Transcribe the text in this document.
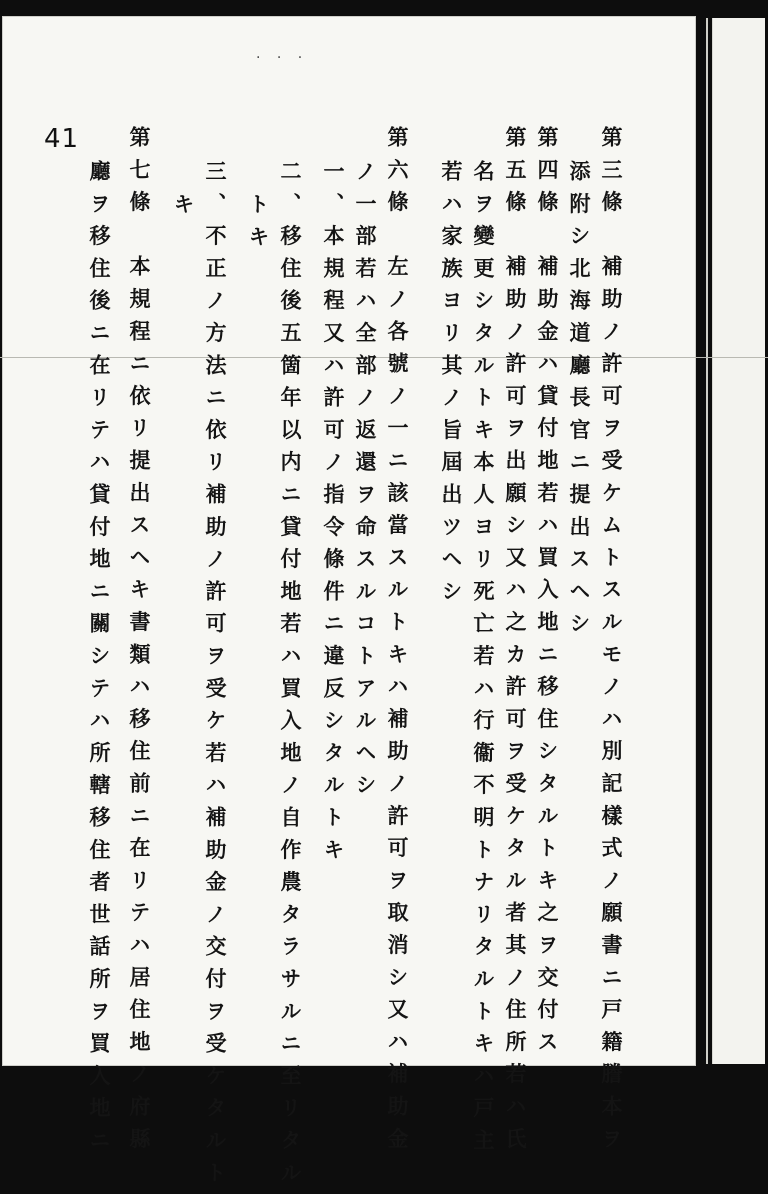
· · ·
41	第三條　補助ノ許可ヲ受ケムトスルモノハ別記樣式ノ願書ニ戸籍謄本ヲ
添附シ北海道廳長官ニ提出スヘシ
第四條　補助金ハ貸付地若ハ買入地ニ移住シタルトキ之ヲ交付ス
第五條　補助ノ許可ヲ出願シ又ハ之カ許可ヲ受ケタル者其ノ住所若ハ氏
名ヲ變更シタルトキ本人ヨリ死亡若ハ行衞不明トナリタルトキハ戸主
若ハ家族ヨリ其ノ旨屆出ツヘシ
第六條　左ノ各號ノ一ニ該當スルトキハ補助ノ許可ヲ取消シ又ハ補助金
ノ一部若ハ全部ノ返還ヲ命スルコトアルヘシ
一、本規程又ハ許可ノ指令條件ニ違反シタルトキ
二、移住後五箇年以内ニ貸付地若ハ買入地ノ自作農タラサルニ至リタル
トキ
三、不正ノ方法ニ依リ補助ノ許可ヲ受ケ若ハ補助金ノ交付ヲ受ケタルト
キ
第七條　本規程ニ依リ提出スヘキ書類ハ移住前ニ在リテハ居住地ノ府縣
廳ヲ移住後ニ在リテハ貸付地ニ關シテハ所轄移住者世話所ヲ買入地ニ
